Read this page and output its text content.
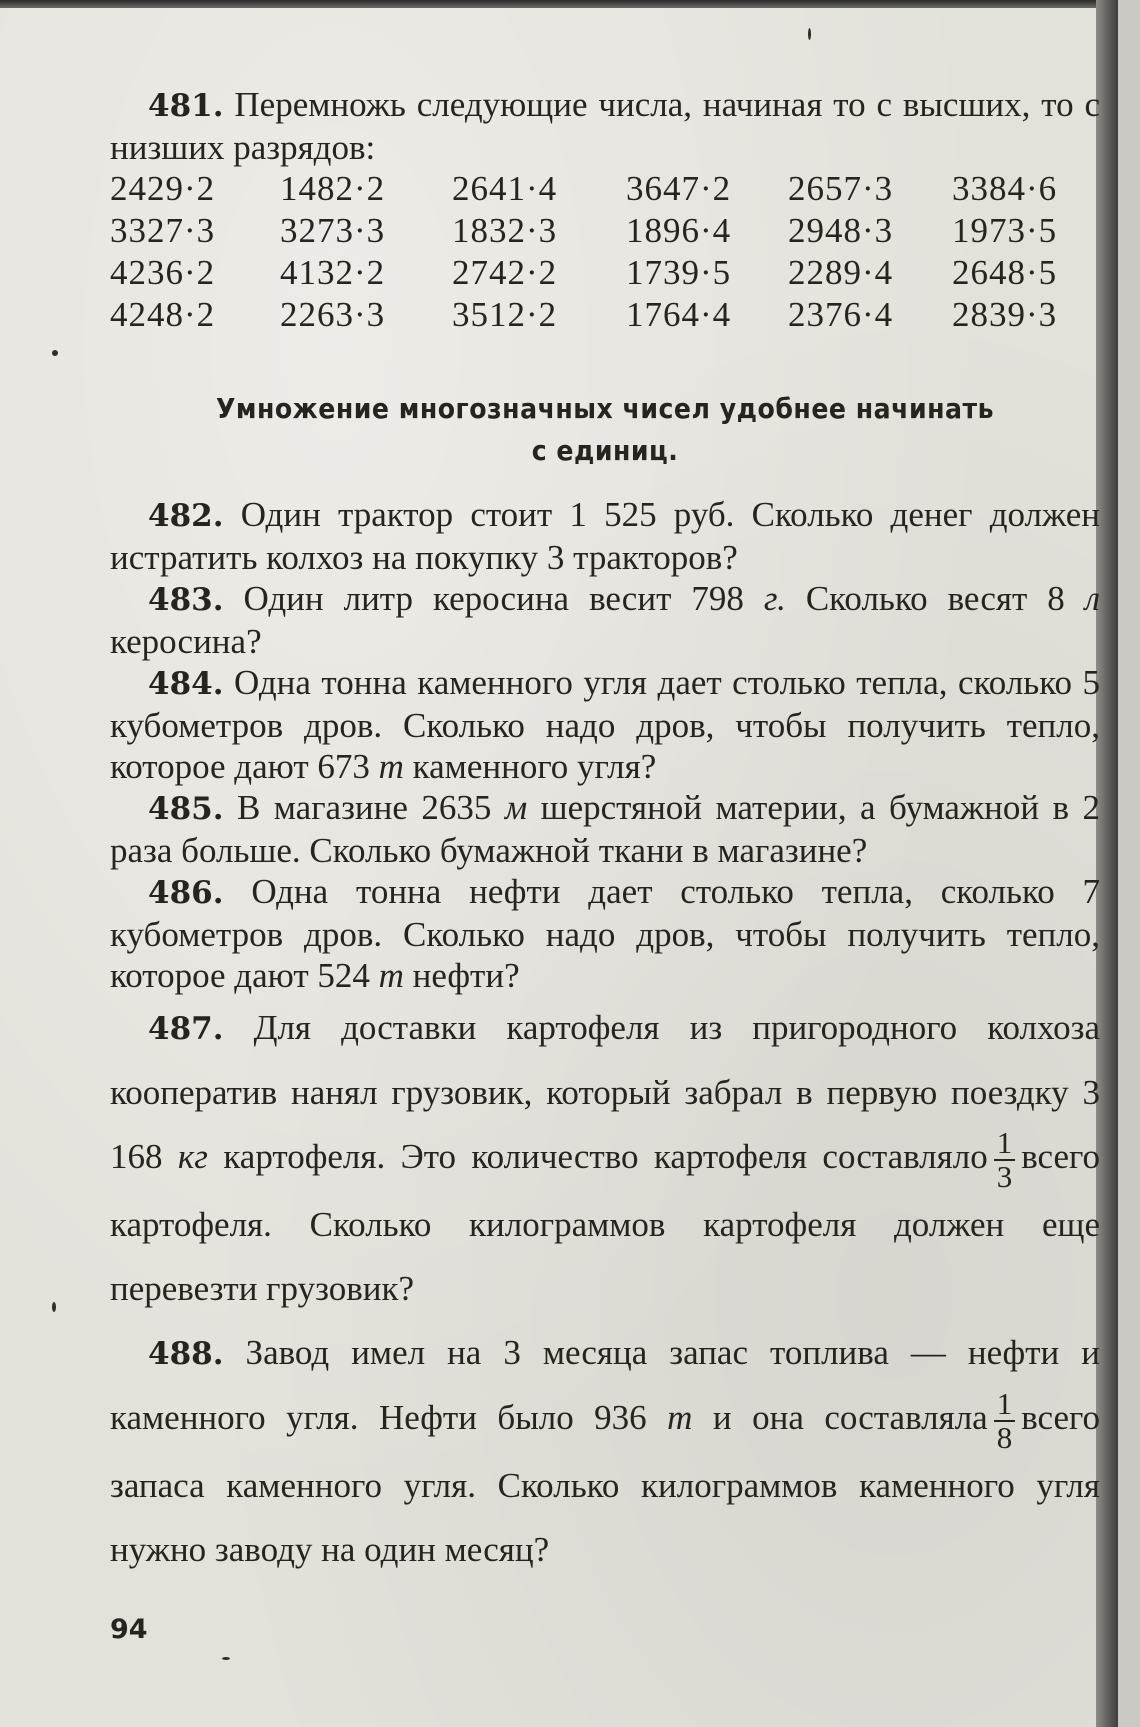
481. Перемножь следующие числа, начиная то с высших, то с низших разрядов:

2429·2	1482·2	2641·4	3647·2	2657·3	3384·6
3327·3	3273·3	1832·3	1896·4	2948·3	1973·5
4236·2	4132·2	2742·2	1739·5	2289·4	2648·5
4248·2	2263·3	3512·2	1764·4	2376·4	2839·3
Умножение многозначных чисел удобнее начинать
с единиц.

482. Один трактор стоит 1 525 руб. Сколько денег должен истратить колхоз на покупку 3 тракторов?

483. Один литр керосина весит 798 г. Сколько весят 8 л керосина?

484. Одна тонна каменного угля дает столько тепла, сколько 5 кубометров дров. Сколько надо дров, чтобы получить тепло, которое дают 673 т каменного угля?

485. В магазине 2635 м шерстяной материи, а бумажной в 2 раза больше. Сколько бумажной ткани в магазине?

486. Одна тонна нефти дает столько тепла, сколько 7 кубометров дров. Сколько надо дров, чтобы получить тепло, которое дают 524 т нефти?

487. Для доставки картофеля из пригородного колхоза кооператив нанял грузовик, который забрал в первую поездку 3 168 кг картофеля. Это количество картофеля составляло $\frac{1}{3}$ всего картофеля. Сколько килограммов картофеля должен еще перевезти грузовик?

488. Завод имел на 3 месяца запас топлива — нефти и каменного угля. Нефти было 936 т и она составляла $\frac{1}{8}$ всего запаса каменного угля. Сколько килограммов каменного угля нужно заводу на один месяц?

94
